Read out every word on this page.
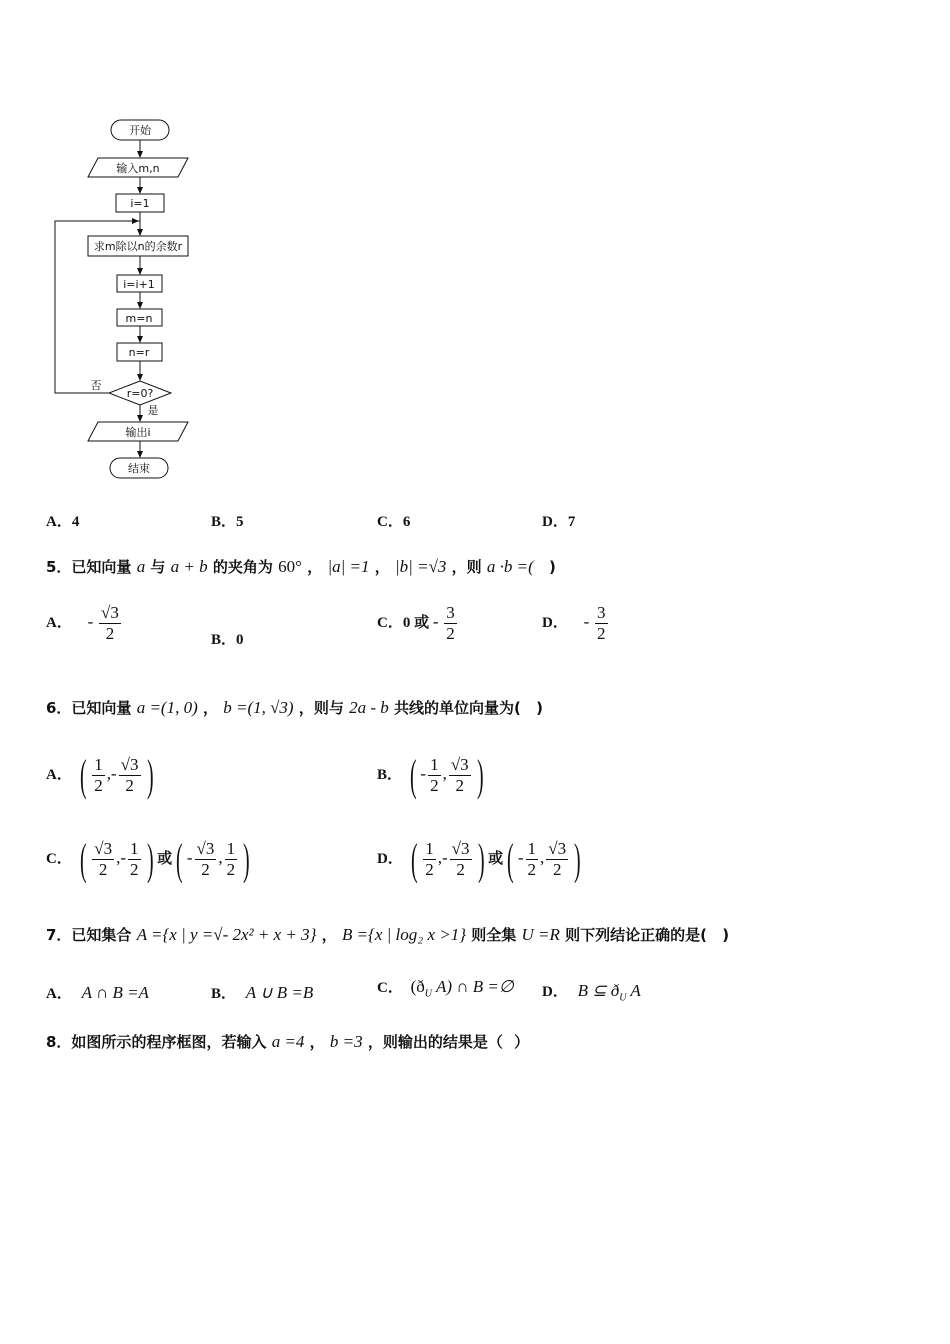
开始
输入m,n
i=1
求m除以n的余数r
i=i+1
m=n
n=r
r=0?
否
是
输出i
结束
A．4	B．5	C．6	D．7
5．已知向量 a 与 a + b 的夹角为 60° ， |a| =1 ， |b| =√3 ，则 a ·b =( )
A． - $\frac{√3}{2}$	B．0
C．0 或 - $\frac{3}{2}$	D． - $\frac{3}{2}$
6．已知向量 a =(1, 0) ， b =(1, √3) ，则与 2a - b 共线的单位向量为( )
A． ( $\frac{1}{2}$ ,- $\frac{√3}{2}$ )	B． ( - $\frac{1}{2}$ , $\frac{√3}{2}$ )
C． ( $\frac{√3}{2}$ ,- $\frac{1}{2}$ ) 或( - $\frac{√3}{2}$ , $\frac{1}{2}$ )	D． ( $\frac{1}{2}$ ,- $\frac{√3}{2}$ ) 或( - $\frac{1}{2}$ , $\frac{√3}{2}$ )
7．已知集合 A ={x | y =√- 2x² + x + 3} ， B ={x | log₂ x >1} 则全集 U =R 则下列结论正确的是( )
A． A ∩ B =A	B． A ∪ B =B	C． ($ð_U$ A) ∩ B =∅ D． B ⊆ $ð_U$ A
8．如图所示的程序框图，若输入 a =4 ， b =3 ，则输出的结果是（ ）
